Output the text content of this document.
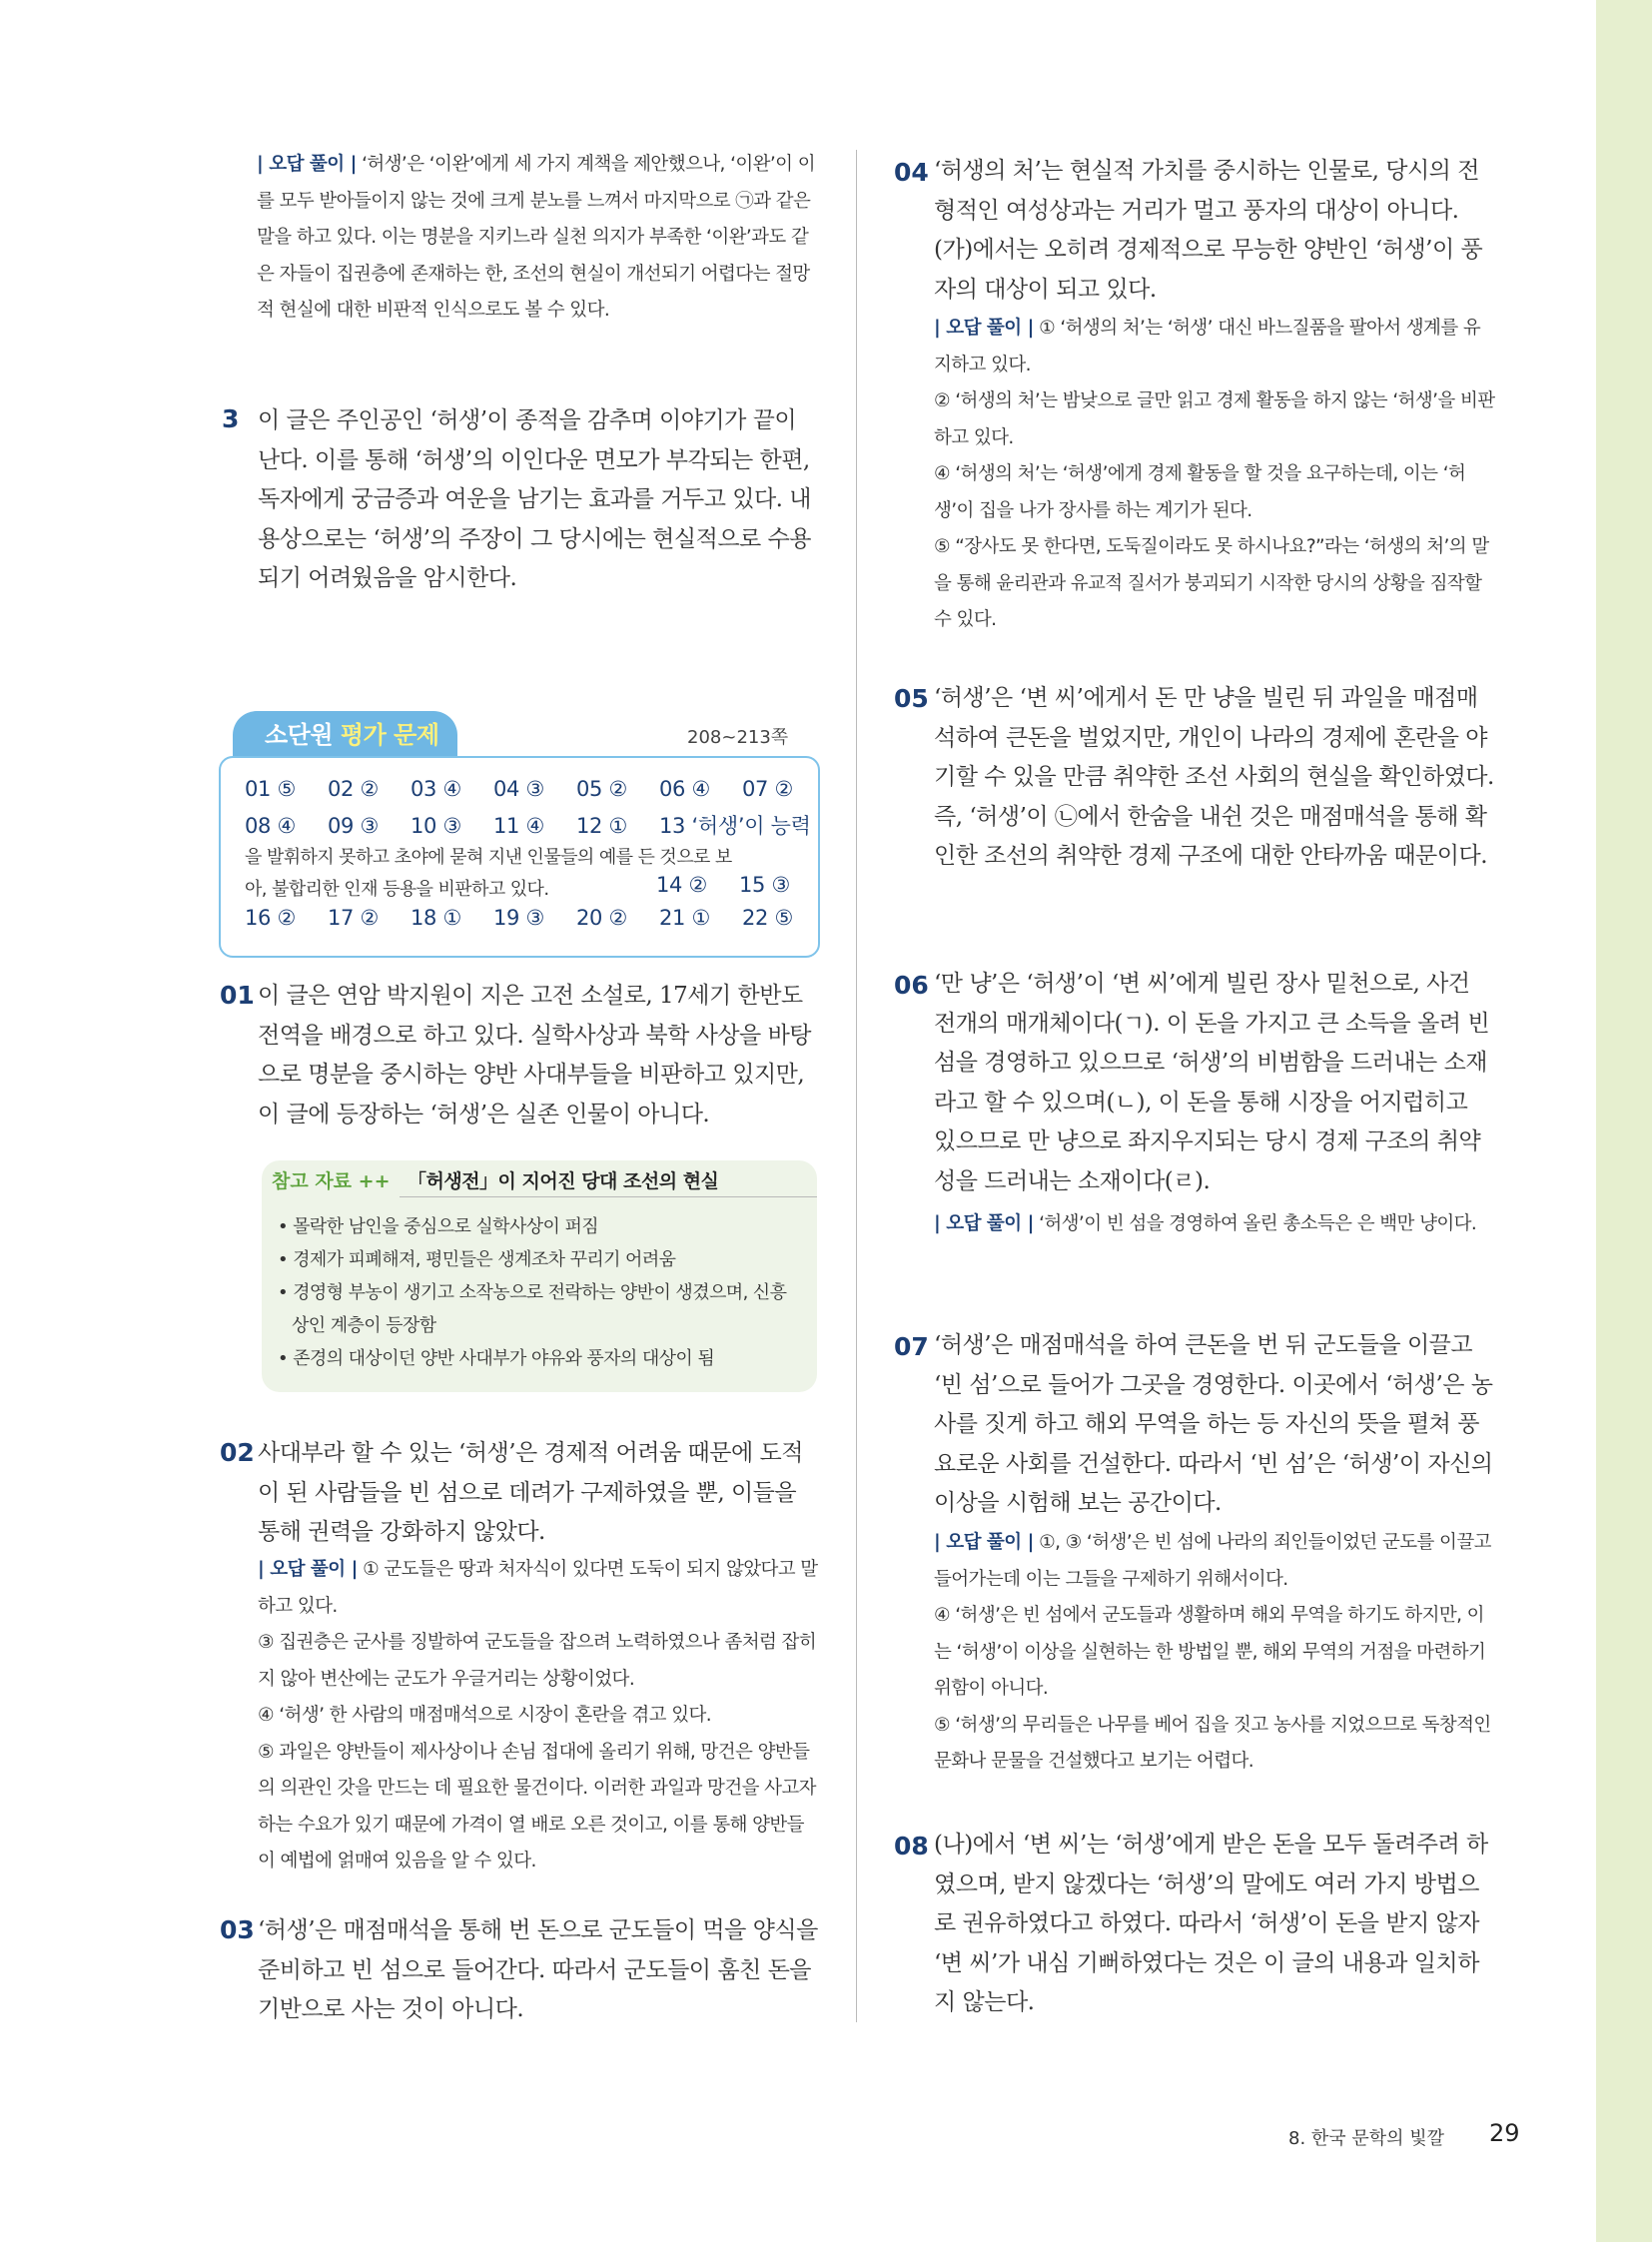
| 오답 풀이 | ‘허생’은 ‘이완’에게 세 가지 계책을 제안했으나, ‘이완’이 이를 모두 받아들이지 않는 것에 크게 분노를 느껴서 마지막으로 ㉠과 같은 말을 하고 있다. 이는 명분을 지키느라 실천 의지가 부족한 ‘이완’과도 같은 자들이 집권층에 존재하는 한, 조선의 현실이 개선되기 어렵다는 절망적 현실에 대한 비판적 인식으로도 볼 수 있다.
3 이 글은 주인공인 ‘허생’이 종적을 감추며 이야기가 끝이 난다. 이를 통해 ‘허생’의 이인다운 면모가 부각되는 한편, 독자에게 궁금증과 여운을 남기는 효과를 거두고 있다. 내용상으로는 ‘허생’의 주장이 그 당시에는 현실적으로 수용되기 어려웠음을 암시한다.
소단원 평가 문제	208~213쪽
01 ⑤ 02 ② 03 ④ 04 ③ 05 ② 06 ④ 07 ②
08 ④ 09 ③ 10 ③ 11 ④ 12 ① 13 ‘허생’이 능력
을 발휘하지 못하고 초야에 묻혀 지낸 인물들의 예를 든 것으로 보
아, 불합리한 인재 등용을 비판하고 있다.	14 ② 15 ③
16 ② 17 ② 18 ① 19 ③ 20 ② 21 ① 22 ⑤
01 이 글은 연암 박지원이 지은 고전 소설로, 17세기 한반도 전역을 배경으로 하고 있다. 실학사상과 북학 사상을 바탕으로 명분을 중시하는 양반 사대부들을 비판하고 있지만, 이 글에 등장하는 ‘허생’은 실존 인물이 아니다.
참고 자료 ++ 「허생전」이 지어진 당대 조선의 현실
• 몰락한 남인을 중심으로 실학사상이 퍼짐
• 경제가 피폐해져, 평민들은 생계조차 꾸리기 어려움
• 경영형 부농이 생기고 소작농으로 전락하는 양반이 생겼으며, 신흥 상인 계층이 등장함
• 존경의 대상이던 양반 사대부가 야유와 풍자의 대상이 됨
02 사대부라 할 수 있는 ‘허생’은 경제적 어려움 때문에 도적이 된 사람들을 빈 섬으로 데려가 구제하였을 뿐, 이들을 통해 권력을 강화하지 않았다.
| 오답 풀이 | ① 군도들은 땅과 처자식이 있다면 도둑이 되지 않았다고 말하고 있다.
③ 집권층은 군사를 징발하여 군도들을 잡으려 노력하였으나 좀처럼 잡히지 않아 변산에는 군도가 우글거리는 상황이었다.
④ ‘허생’ 한 사람의 매점매석으로 시장이 혼란을 겪고 있다.
⑤ 과일은 양반들이 제사상이나 손님 접대에 올리기 위해, 망건은 양반들의 의관인 갓을 만드는 데 필요한 물건이다. 이러한 과일과 망건을 사고자 하는 수요가 있기 때문에 가격이 열 배로 오른 것이고, 이를 통해 양반들이 예법에 얽매여 있음을 알 수 있다.
03 ‘허생’은 매점매석을 통해 번 돈으로 군도들이 먹을 양식을 준비하고 빈 섬으로 들어간다. 따라서 군도들이 훔친 돈을 기반으로 사는 것이 아니다.
04 ‘허생의 처’는 현실적 가치를 중시하는 인물로, 당시의 전형적인 여성상과는 거리가 멀고 풍자의 대상이 아니다. (가)에서는 오히려 경제적으로 무능한 양반인 ‘허생’이 풍자의 대상이 되고 있다.
| 오답 풀이 | ① ‘허생의 처’는 ‘허생’ 대신 바느질품을 팔아서 생계를 유지하고 있다.
② ‘허생의 처’는 밤낮으로 글만 읽고 경제 활동을 하지 않는 ‘허생’을 비판하고 있다.
④ ‘허생의 처’는 ‘허생’에게 경제 활동을 할 것을 요구하는데, 이는 ‘허생’이 집을 나가 장사를 하는 계기가 된다.
⑤ “장사도 못 한다면, 도둑질이라도 못 하시나요?”라는 ‘허생의 처’의 말을 통해 윤리관과 유교적 질서가 붕괴되기 시작한 당시의 상황을 짐작할 수 있다.
05 ‘허생’은 ‘변 씨’에게서 돈 만 냥을 빌린 뒤 과일을 매점매석하여 큰돈을 벌었지만, 개인이 나라의 경제에 혼란을 야기할 수 있을 만큼 취약한 조선 사회의 현실을 확인하였다. 즉, ‘허생’이 ㉡에서 한숨을 내쉰 것은 매점매석을 통해 확인한 조선의 취약한 경제 구조에 대한 안타까움 때문이다.
06 ‘만 냥’은 ‘허생’이 ‘변 씨’에게 빌린 장사 밑천으로, 사건 전개의 매개체이다(ㄱ). 이 돈을 가지고 큰 소득을 올려 빈 섬을 경영하고 있으므로 ‘허생’의 비범함을 드러내는 소재라고 할 수 있으며(ㄴ), 이 돈을 통해 시장을 어지럽히고 있으므로 만 냥으로 좌지우지되는 당시 경제 구조의 취약성을 드러내는 소재이다(ㄹ).
| 오답 풀이 | ‘허생’이 빈 섬을 경영하여 올린 총소득은 은 백만 냥이다.
07 ‘허생’은 매점매석을 하여 큰돈을 번 뒤 군도들을 이끌고 ‘빈 섬’으로 들어가 그곳을 경영한다. 이곳에서 ‘허생’은 농사를 짓게 하고 해외 무역을 하는 등 자신의 뜻을 펼쳐 풍요로운 사회를 건설한다. 따라서 ‘빈 섬’은 ‘허생’이 자신의 이상을 시험해 보는 공간이다.
| 오답 풀이 | ①, ③ ‘허생’은 빈 섬에 나라의 죄인들이었던 군도를 이끌고 들어가는데 이는 그들을 구제하기 위해서이다.
④ ‘허생’은 빈 섬에서 군도들과 생활하며 해외 무역을 하기도 하지만, 이는 ‘허생’이 이상을 실현하는 한 방법일 뿐, 해외 무역의 거점을 마련하기 위함이 아니다.
⑤ ‘허생’의 무리들은 나무를 베어 집을 짓고 농사를 지었으므로 독창적인 문화나 문물을 건설했다고 보기는 어렵다.
08 (나)에서 ‘변 씨’는 ‘허생’에게 받은 돈을 모두 돌려주려 하였으며, 받지 않겠다는 ‘허생’의 말에도 여러 가지 방법으로 권유하였다고 하였다. 따라서 ‘허생’이 돈을 받지 않자 ‘변 씨’가 내심 기뻐하였다는 것은 이 글의 내용과 일치하지 않는다.
8. 한국 문학의 빛깔 29
